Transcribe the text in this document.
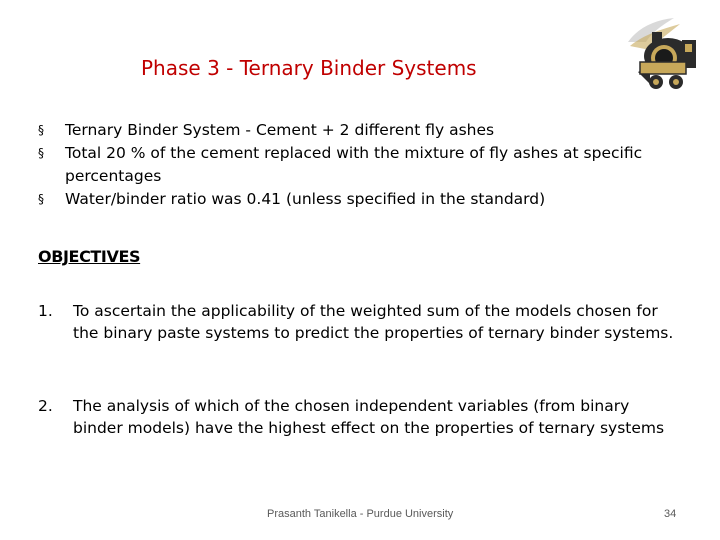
Phase 3 - Ternary Binder Systems
§ Ternary Binder System - Cement + 2 different fly ashes
§ Total 20 % of the cement replaced with the mixture of fly ashes at specific percentages
§ Water/binder ratio was 0.41 (unless specified in the standard)
OBJECTIVES
1. To ascertain the applicability of the weighted sum of the models chosen for the binary paste systems to predict the properties of ternary binder systems.
2. The analysis of which of the chosen independent variables (from binary binder models) have the highest effect on the properties of ternary systems
Prasanth Tanikella - Purdue University	34
